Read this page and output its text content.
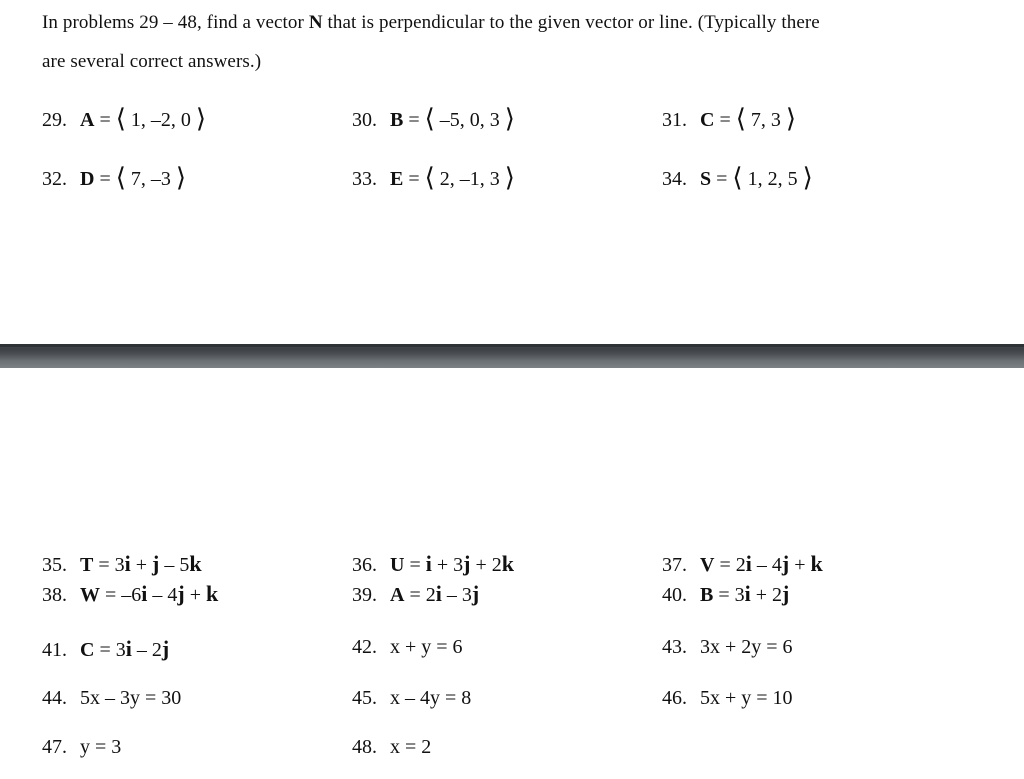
In problems 29 – 48, find a vector N that is perpendicular to the given vector or line. (Typically there
are several correct answers.)
29. A = ⟨ 1, –2, 0 ⟩	30. B = ⟨ –5, 0, 3 ⟩	31. C = ⟨ 7, 3 ⟩
32. D = ⟨ 7, –3 ⟩	33. E = ⟨ 2, –1, 3 ⟩	34. S = ⟨ 1, 2, 5 ⟩
35. T = 3i + j – 5k	36. U = i + 3j + 2k	37. V = 2i – 4j + k
38. W = –6i – 4j + k	39. A = 2i – 3j	40. B = 3i + 2j
41. C = 3i – 2j	42. x + y = 6	43. 3x + 2y = 6
44. 5x – 3y = 30	45. x – 4y = 8	46. 5x + y = 10
47. y = 3	48. x = 2
